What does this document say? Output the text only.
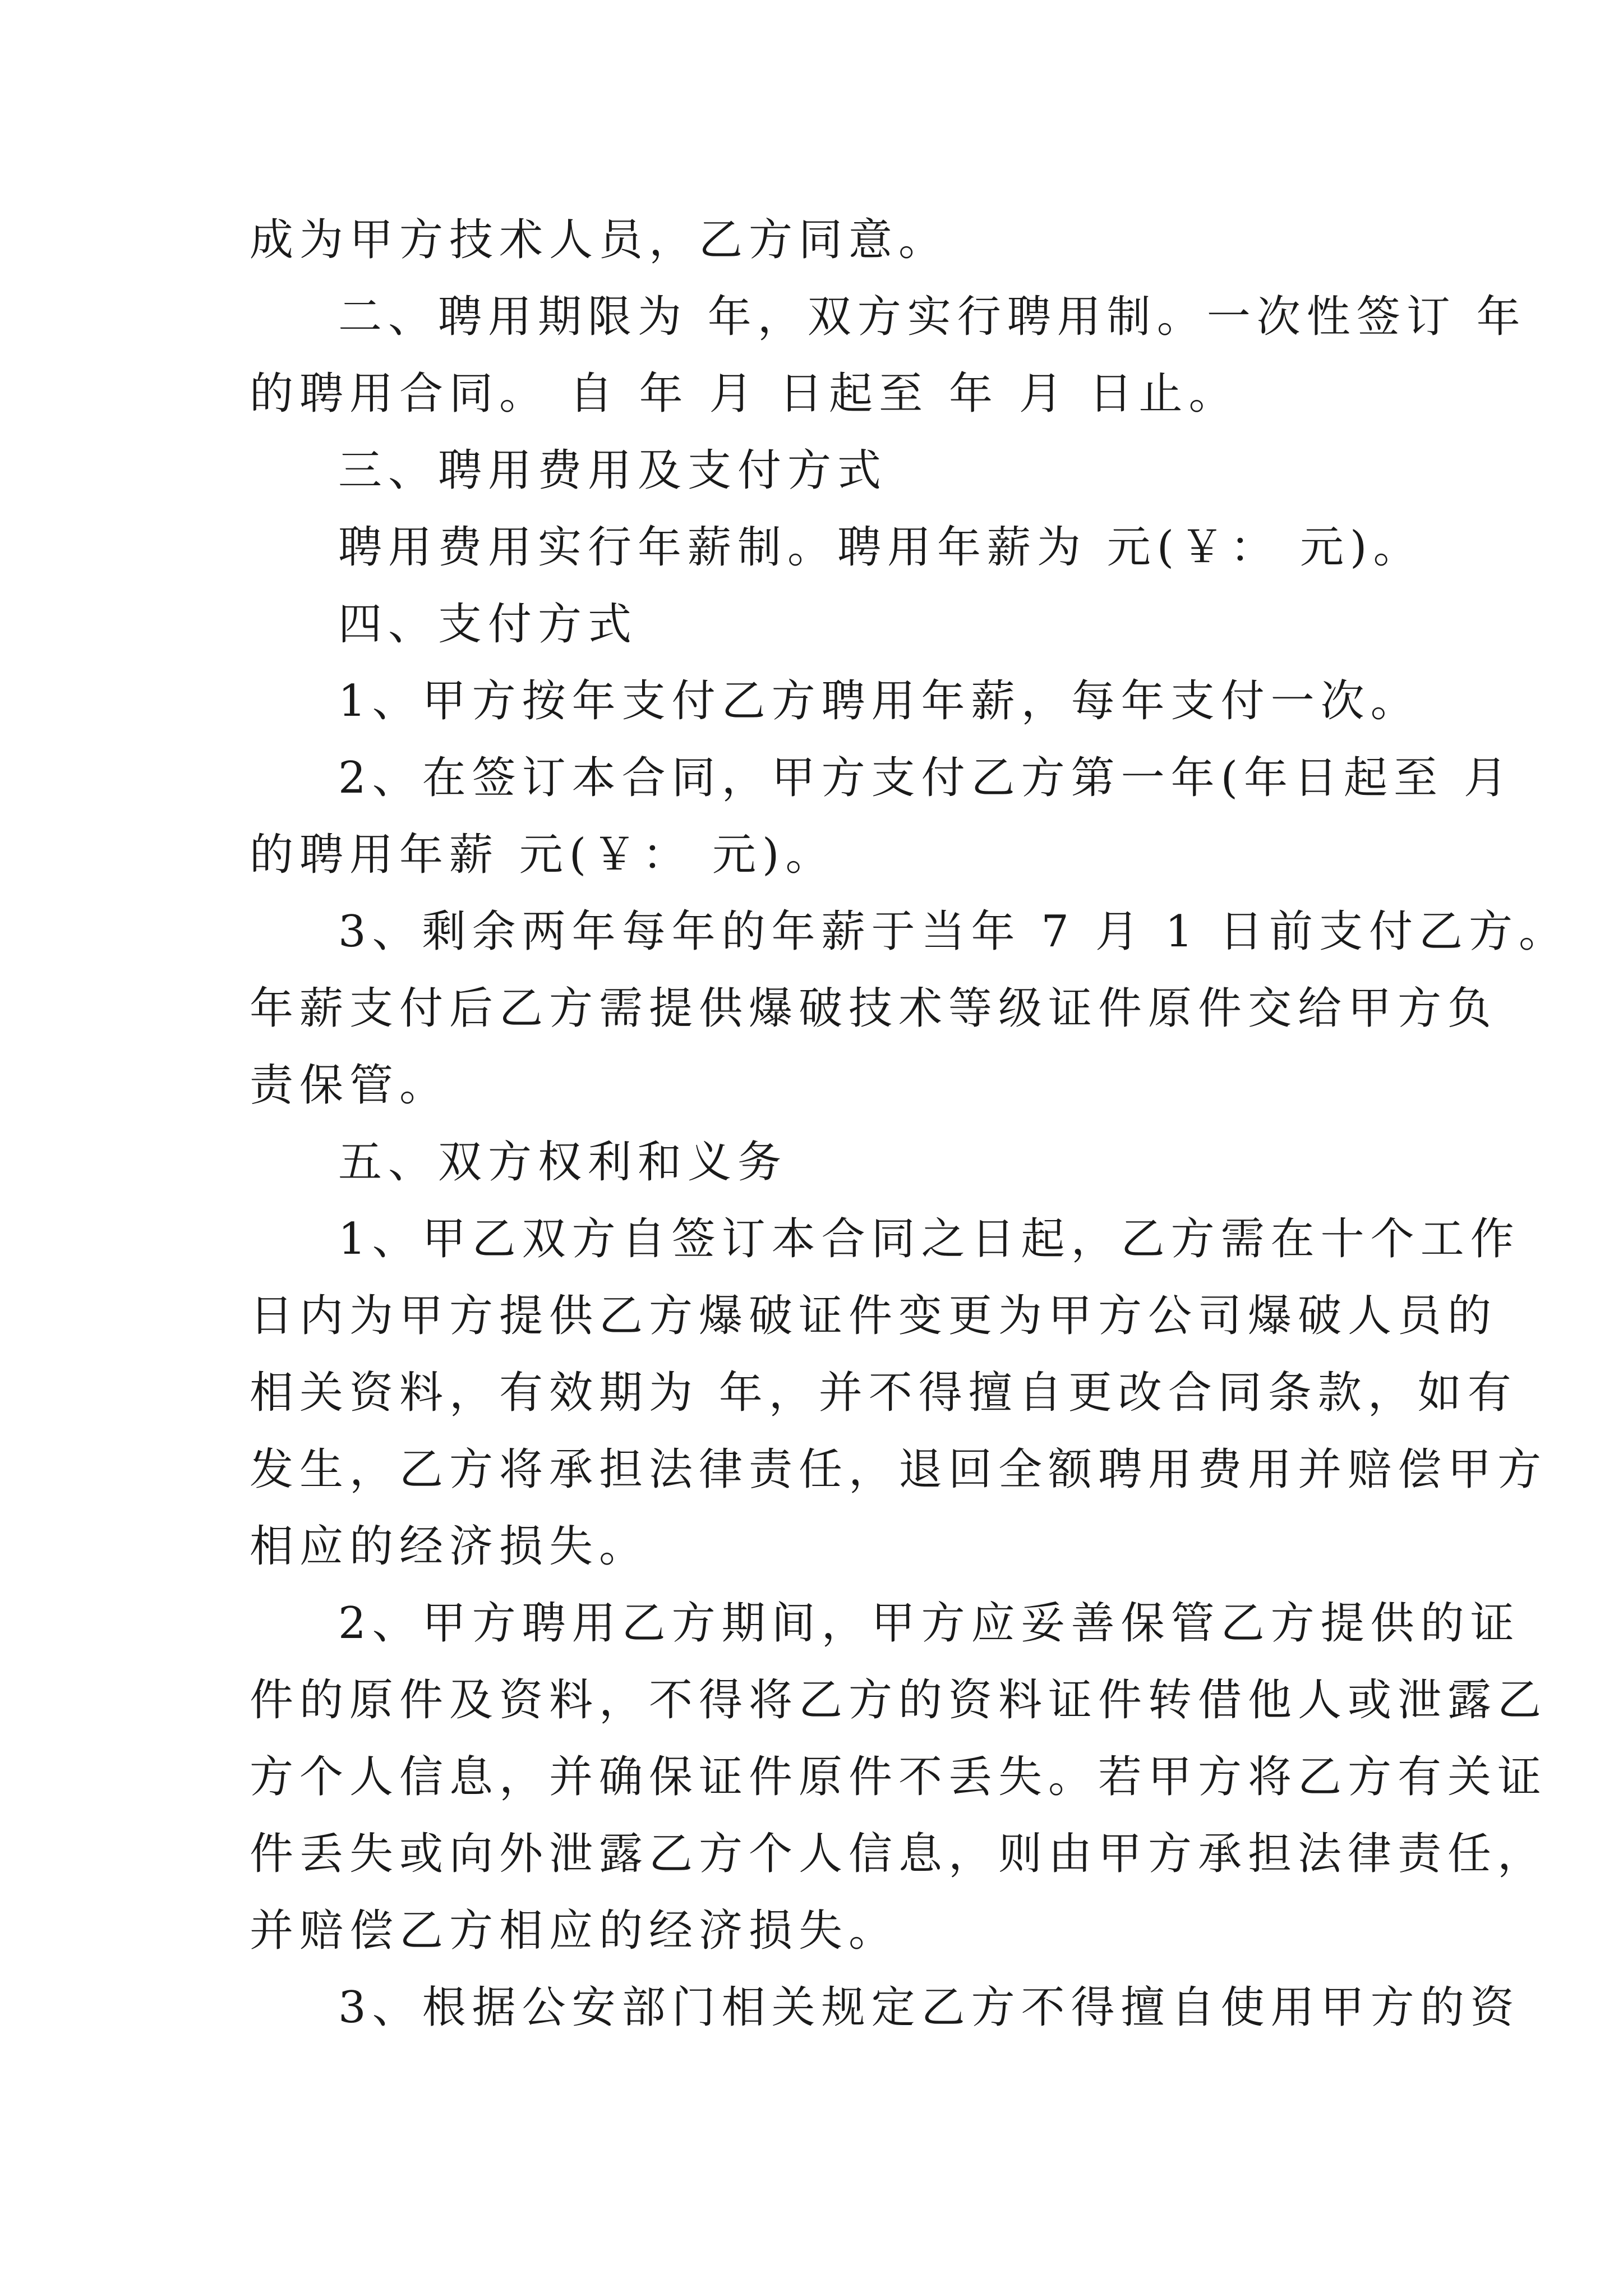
成为甲方技术人员，乙方同意。
二、聘用期限为 年，双方实行聘用制。一次性签订 年
的聘用合同。 自 年 月 日起至 年 月 日止。
三、聘用费用及支付方式
聘用费用实行年薪制。聘用年薪为 元(￥： 元)。
四、支付方式
1、甲方按年支付乙方聘用年薪，每年支付一次。
2、在签订本合同，甲方支付乙方第一年(年日起至 月
的聘用年薪 元(￥： 元)。
3、剩余两年每年的年薪于当年 7 月 1 日前支付乙方。
年薪支付后乙方需提供爆破技术等级证件原件交给甲方负
责保管。
五、双方权利和义务
1、甲乙双方自签订本合同之日起，乙方需在十个工作
日内为甲方提供乙方爆破证件变更为甲方公司爆破人员的
相关资料，有效期为 年，并不得擅自更改合同条款，如有
发生，乙方将承担法律责任，退回全额聘用费用并赔偿甲方
相应的经济损失。
2、甲方聘用乙方期间，甲方应妥善保管乙方提供的证
件的原件及资料，不得将乙方的资料证件转借他人或泄露乙
方个人信息，并确保证件原件不丢失。若甲方将乙方有关证
件丢失或向外泄露乙方个人信息，则由甲方承担法律责任，
并赔偿乙方相应的经济损失。
3、根据公安部门相关规定乙方不得擅自使用甲方的资
